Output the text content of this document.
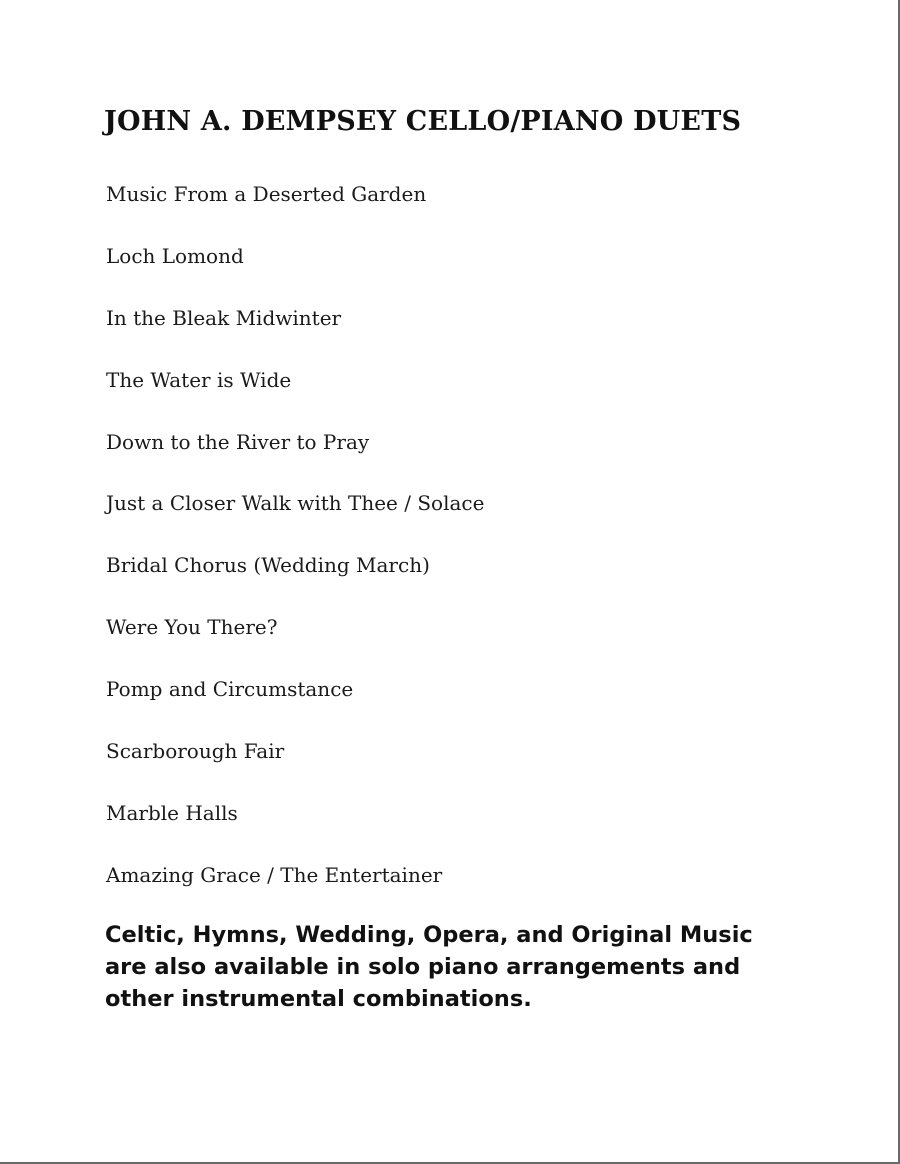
JOHN A. DEMPSEY CELLO/PIANO DUETS
Music From a Deserted Garden
Loch Lomond
In the Bleak Midwinter
The Water is Wide
Down to the River to Pray
Just a Closer Walk with Thee / Solace
Bridal Chorus (Wedding March)
Were You There?
Pomp and Circumstance
Scarborough Fair
Marble Halls
Amazing Grace / The Entertainer

Celtic, Hymns, Wedding, Opera, and Original Music
are also available in solo piano arrangements and
other instrumental combinations.
